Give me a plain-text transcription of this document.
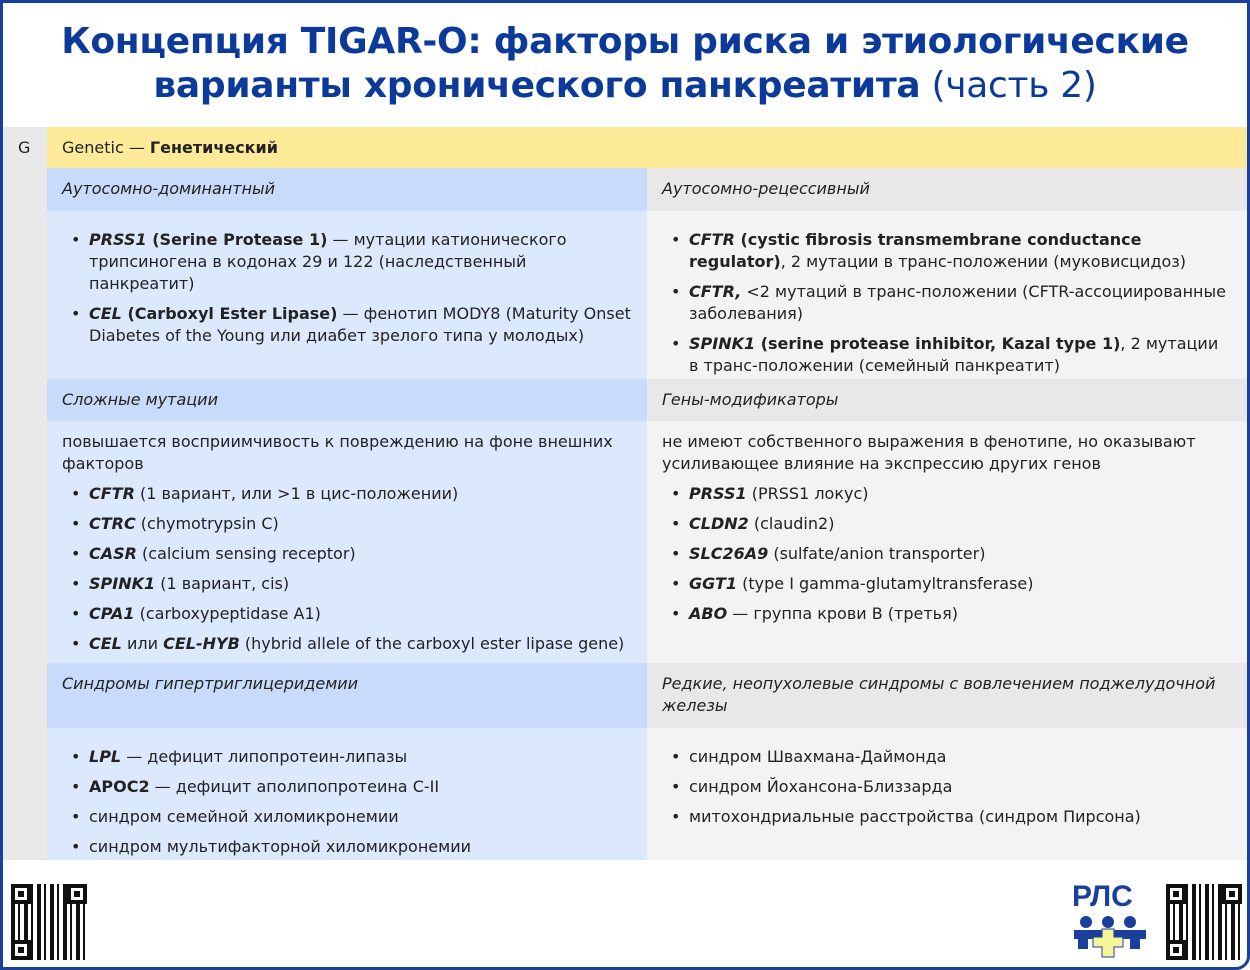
Концепция TIGAR-O: факторы риска и этиологические
варианты хронического панкреатита (часть 2)
G	Genetic — Генетический
Аутосомно-доминантный
• PRSS1 (Serine Protease 1) — мутации катионического трипсиногена в кодонах 29 и 122 (наследственный панкреатит)
• CEL (Carboxyl Ester Lipase) — фенотип MODY8 (Maturity Onset Diabetes of the Young или диабет зрелого типа у молодых)
Аутосомно-рецессивный
• CFTR (cystic fibrosis transmembrane conductance regulator), 2 мутации в транс-положении (муковисцидоз)
• CFTR, <2 мутаций в транс-положении (CFTR-ассоциированные заболевания)
• SPINK1 (serine protease inhibitor, Kazal type 1), 2 мутации в транс-положении (семейный панкреатит)
Сложные мутации
повышается восприимчивость к повреждению на фоне внешних факторов
• CFTR (1 вариант, или >1 в цис-положении)
• CTRC (chymotrypsin C)
• CASR (calcium sensing receptor)
• SPINK1 (1 вариант, cis)
• CPA1 (carboxypeptidase A1)
• CEL или CEL-HYB (hybrid allele of the carboxyl ester lipase gene)
Гены-модификаторы
не имеют собственного выражения в фенотипе, но оказывают усиливающее влияние на экспрессию других генов
• PRSS1 (PRSS1 локус)
• CLDN2 (claudin2)
• SLC26A9 (sulfate/anion transporter)
• GGT1 (type I gamma-glutamyltransferase)
• ABO — группа крови В (третья)
Синдромы гипертриглицеридемии
• LPL — дефицит липопротеин-липазы
• APOC2 — дефицит аполипопротеина C-II
• синдром семейной хиломикронемии
• синдром мультифакторной хиломикронемии
Редкие, неопухолевые синдромы с вовлечением поджелудочной железы
• синдром Швахмана-Даймонда
• синдром Йохансона-Близзарда
• митохондриальные расстройства (синдром Пирсона)
РЛС
